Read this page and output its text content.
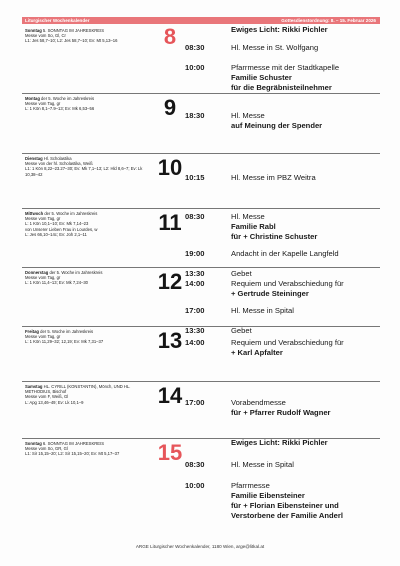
Liturgischer Wochenkalender	Gottesdienstordnung: 8. – 15. Februar 2026
Sonntag 5. SONNTAG IM JAHRESKREIS
Messe vom So, Gl, Cr
L1: Jes 58,7–10; L2: Jes 58,7–10; Ev: Mt 5,13–16	8	Ewiges Licht: Rikki Pichler
08:30	Hl. Messe in St. Wolfgang
10:00	Pfarrmesse mit der Stadtkapelle
Familie Schuster
für die Begräbnisteilnehmer
Montag der 5. Woche im Jahreskreis
Messe vom Tag, gr
L: 1 Kön 8,1–7.9–13; Ev: Mk 6,53–56	9	18:30	Hl. Messe
auf Meinung der Spender
Dienstag Hl. Scholastika
Messe von der hl. Scholastika, Weiß
L1: 1 Kön 8,22–23.27–30; Ev: Mk 7,1–13; L2: Hld 8,6–7; Ev: Lk 10,38–42	10 10:15	Hl. Messe im PBZ Weitra
Mittwoch der 5. Woche im Jahreskreis
Messe vom Tag, gr
L: 1 Kön 10,1–10; Ev: Mk 7,14–23
von Unserer Lieben Frau in Lourdes, w
L: Jes 66,10–14c; Ev: Joh 2,1–11	11 08:30	Hl. Messe
Familie Rabl
für + Christine Schuster
19:00	Andacht in der Kapelle Langfeld
Donnerstag der 5. Woche im Jahreskreis
Messe vom Tag, gr
L: 1 Kön 11,4–13; Ev: Mk 7,24–30	12 13:30	Gebet
14:00	Requiem und Verabschiedung für
+ Gertrude Steininger
17:00	Hl. Messe in Spital
Freitag der 5. Woche im Jahreskreis
Messe vom Tag, gr
L: 1 Kön 11,29–32; 12,19; Ev: Mk 7,31–37	13 13:30	Gebet
14:00	Requiem und Verabschiedung für
+ Karl Apfalter
Samstag HL. CYRILL (KONSTANTIN), Mönch, UND HL. METHODIUS, Bischof
Messe vom F, Weiß, Gl
L: Apg 13,46–49; Ev: Lk 10,1–9	14 17:00	Vorabendmesse
für + Pfarrer Rudolf Wagner
Sonntag 6. SONNTAG IM JAHRESKREIS
Messe vom So, GR, Gl
L1: Sir 15,15–20; L2: Sir 15,15–20; Ev: Mt 5,17–37	15	Ewiges Licht: Rikki Pichler
08:30	Hl. Messe in Spital
10:00	Pfarrmesse
Familie Eibensteiner
für + Florian Eibensteiner und
Verstorbene der Familie Anderl
ARGE Liturgischer Wochenkalender, 1180 Wien, arge@litkal.at
